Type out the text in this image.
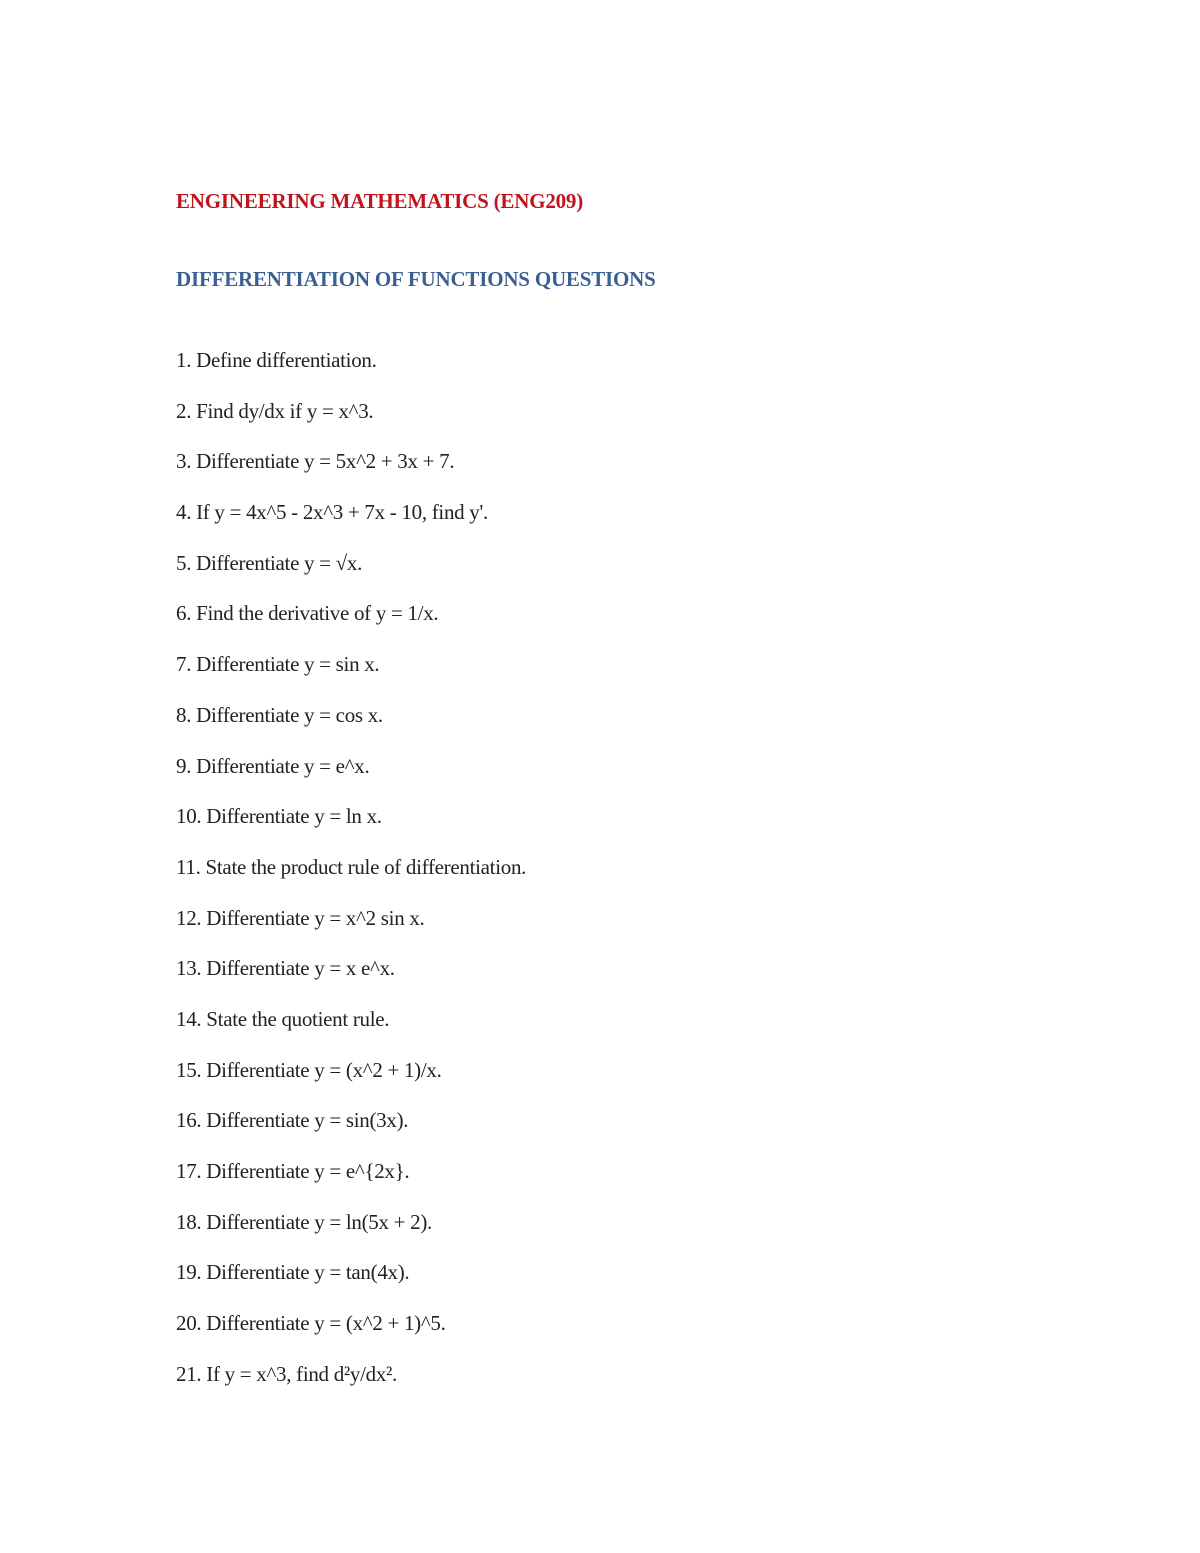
ENGINEERING MATHEMATICS (ENG209)
DIFFERENTIATION OF FUNCTIONS QUESTIONS
1. Define differentiation.
2. Find dy/dx if y = x^3.
3. Differentiate y = 5x^2 + 3x + 7.
4. If y = 4x^5 - 2x^3 + 7x - 10, find y'.
5. Differentiate y = √x.
6. Find the derivative of y = 1/x.
7. Differentiate y = sin x.
8. Differentiate y = cos x.
9. Differentiate y = e^x.
10. Differentiate y = ln x.
11. State the product rule of differentiation.
12. Differentiate y = x^2 sin x.
13. Differentiate y = x e^x.
14. State the quotient rule.
15. Differentiate y = (x^2 + 1)/x.
16. Differentiate y = sin(3x).
17. Differentiate y = e^{2x}.
18. Differentiate y = ln(5x + 2).
19. Differentiate y = tan(4x).
20. Differentiate y = (x^2 + 1)^5.
21. If y = x^3, find d²y/dx².
